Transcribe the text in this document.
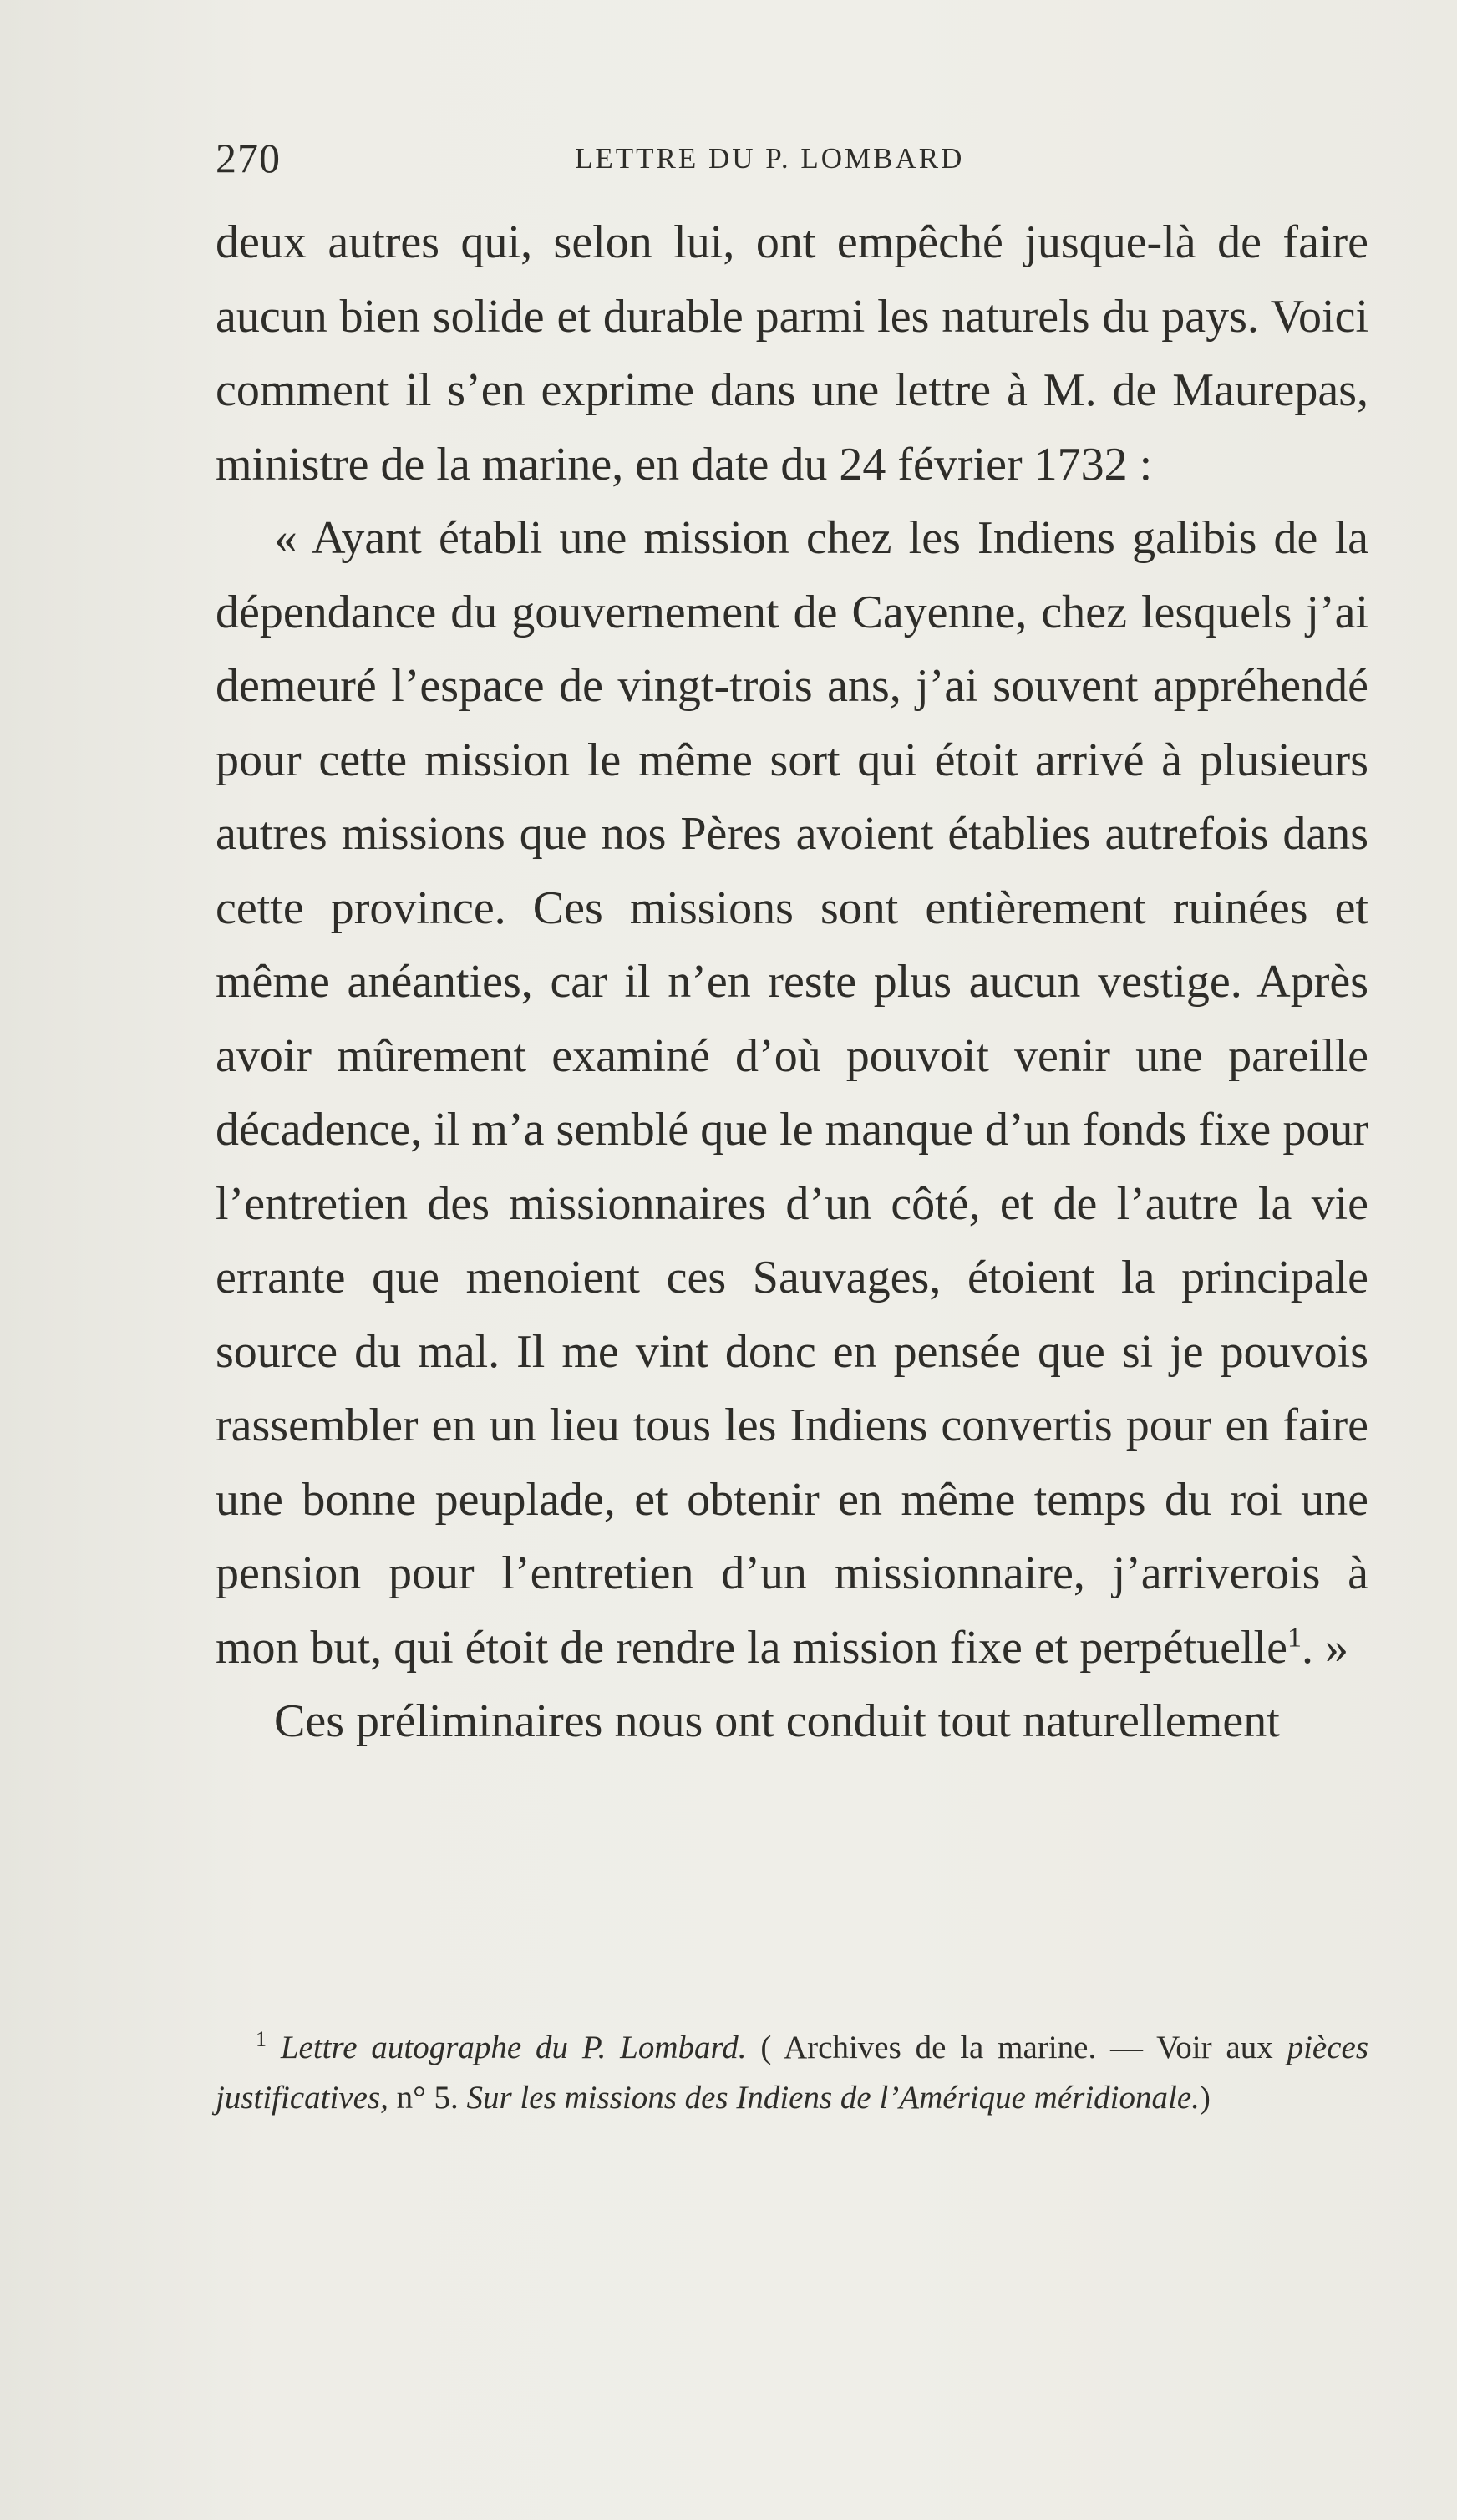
270	LETTRE DU P. LOMBARD

deux autres qui, selon lui, ont empêché jusque-là de faire aucun bien solide et durable parmi les naturels du pays. Voici comment il s’en exprime dans une lettre à M. de Maurepas, ministre de la marine, en date du 24 février 1732 :

« Ayant établi une mission chez les Indiens galibis de la dépendance du gouvernement de Cayenne, chez lesquels j’ai demeuré l’espace de vingt-trois ans, j’ai souvent appréhendé pour cette mission le même sort qui étoit arrivé à plusieurs autres missions que nos Pères avoient établies autrefois dans cette province. Ces missions sont entièrement ruinées et même anéanties, car il n’en reste plus aucun vestige. Après avoir mûrement examiné d’où pouvoit venir une pareille décadence, il m’a semblé que le manque d’un fonds fixe pour l’entretien des missionnaires d’un côté, et de l’autre la vie errante que menoient ces Sauvages, étoient la principale source du mal. Il me vint donc en pensée que si je pouvois rassembler en un lieu tous les Indiens convertis pour en faire une bonne peuplade, et obtenir en même temps du roi une pension pour l’entretien d’un missionnaire, j’arriverois à mon but, qui étoit de rendre la mission fixe et perpétuelle$^1$. »

Ces préliminaires nous ont conduit tout naturellement

$^1$ Lettre autographe du P. Lombard. ( Archives de la marine. — Voir aux pièces justificatives, n° 5. Sur les missions des Indiens de l’Amérique méridionale.)
